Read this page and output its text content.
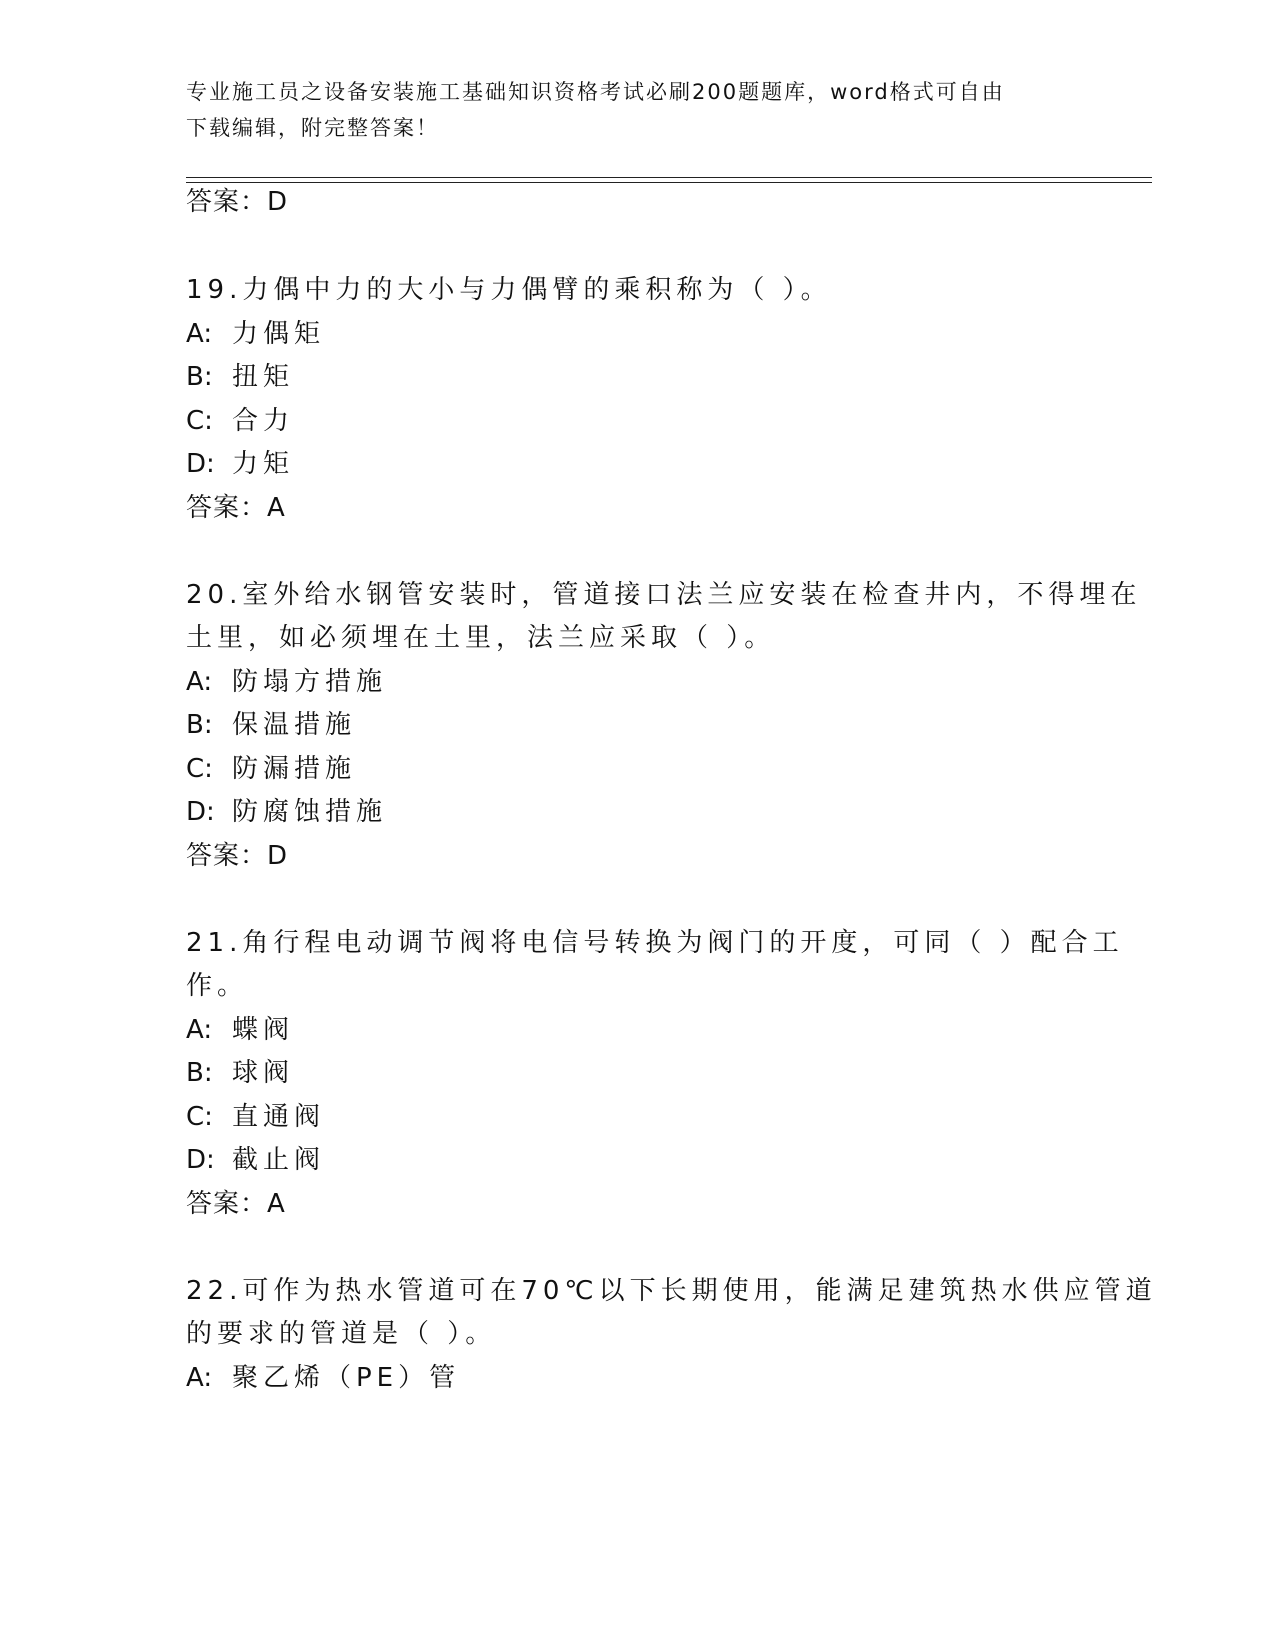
专业施工员之设备安装施工基础知识资格考试必刷200题题库，word格式可自由
下载编辑，附完整答案！
答案：D
19.力偶中力的大小与力偶臂的乘积称为（ ）。
A: 力偶矩
B: 扭矩
C: 合力
D: 力矩
答案：A
20.室外给水钢管安装时，管道接口法兰应安装在检查井内，不得埋在
土里，如必须埋在土里，法兰应采取（ ）。
A: 防塌方措施
B: 保温措施
C: 防漏措施
D: 防腐蚀措施
答案：D
21.角行程电动调节阀将电信号转换为阀门的开度，可同（ ）配合工
作。
A: 蝶阀
B: 球阀
C: 直通阀
D: 截止阀
答案：A
22.可作为热水管道可在70℃以下长期使用，能满足建筑热水供应管道
的要求的管道是（ ）。
A: 聚乙烯（PE）管
